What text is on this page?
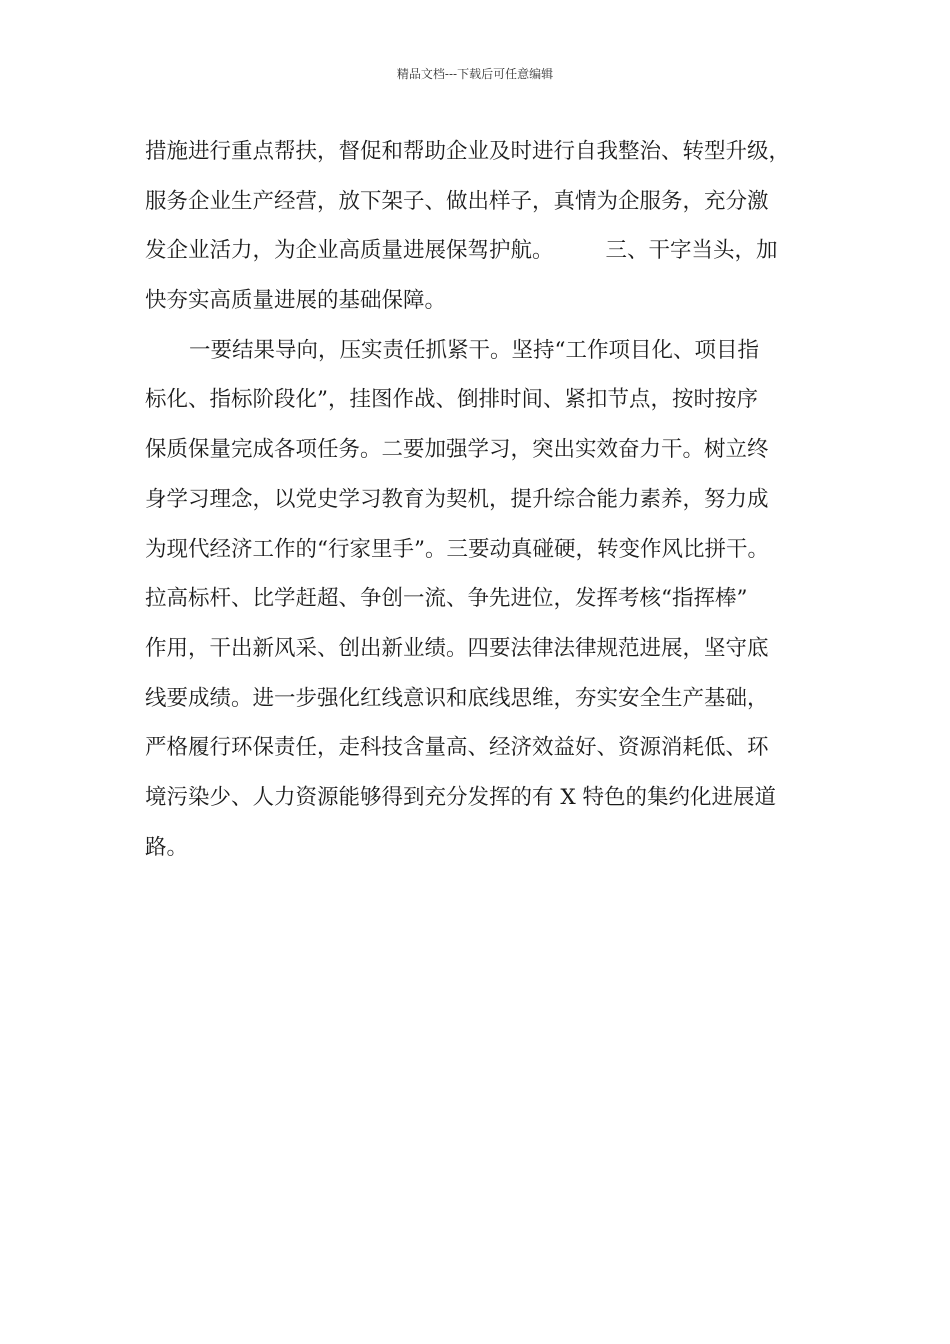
精品文档---下载后可任意编辑
措施进行重点帮扶，督促和帮助企业及时进行自我整治、转型升级，
服务企业生产经营，放下架子、做出样子，真情为企服务，充分激
发企业活力，为企业高质量进展保驾护航。 三、干字当头，加
快夯实高质量进展的基础保障。
一要结果导向，压实责任抓紧干。坚持“工作项目化、项目指
标化、指标阶段化”，挂图作战、倒排时间、紧扣节点，按时按序
保质保量完成各项任务。二要加强学习，突出实效奋力干。树立终
身学习理念，以党史学习教育为契机，提升综合能力素养，努力成
为现代经济工作的“行家里手”。三要动真碰硬，转变作风比拼干。
拉高标杆、比学赶超、争创一流、争先进位，发挥考核“指挥棒”
作用，干出新风采、创出新业绩。四要法律法律规范进展，坚守底
线要成绩。进一步强化红线意识和底线思维，夯实安全生产基础，
严格履行环保责任，走科技含量高、经济效益好、资源消耗低、环
境污染少、人力资源能够得到充分发挥的有 X 特色的集约化进展道
路。
